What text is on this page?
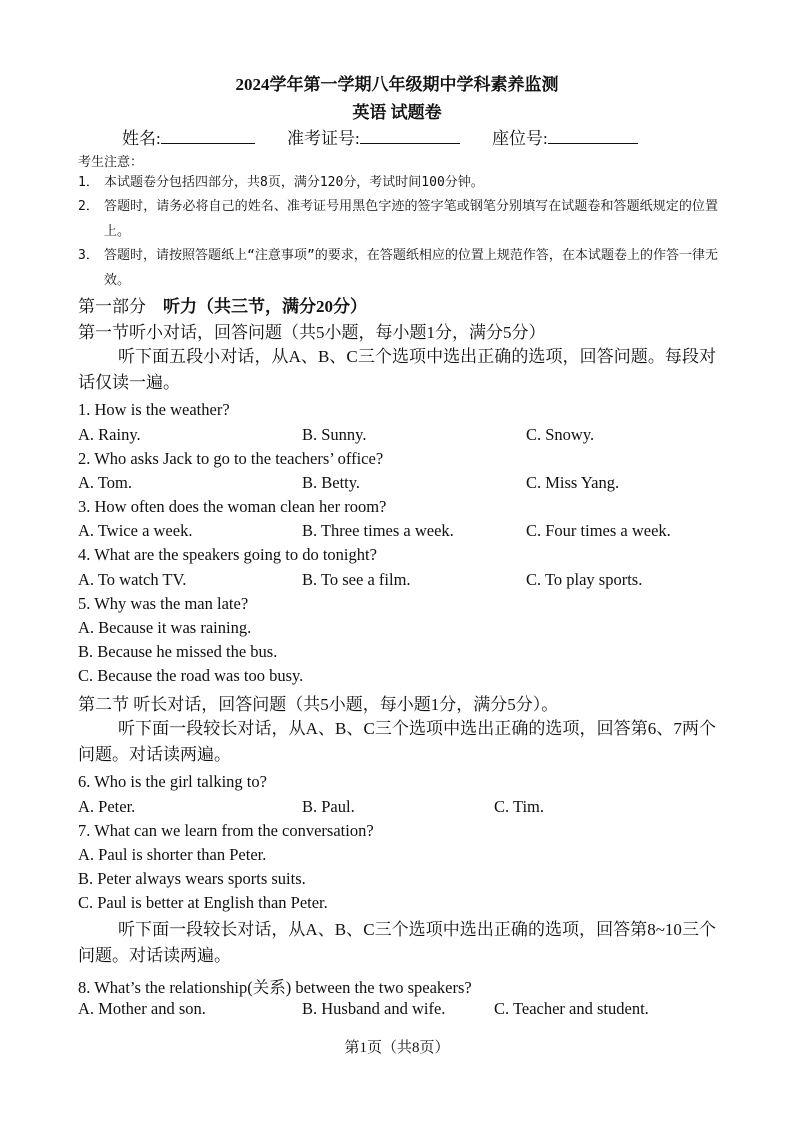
2024学年第一学期八年级期中学科素养监测
英语 试题卷
姓名:	准考证号:	座位号:
考生注意：
1． 本试题卷分包括四部分，共8页，满分120分，考试时间100分钟。
2． 答题时，请务必将自己的姓名、准考证号用黑色字迹的签字笔或钢笔分别填写在试题卷和答题纸规定的位置上。
3． 答题时，请按照答题纸上“注意事项”的要求，在答题纸相应的位置上规范作答，在本试题卷上的作答一律无效。
第一部分 听力（共三节，满分20分）
第一节听小对话，回答问题（共5小题，每小题1分，满分5分）
听下面五段小对话，从A、B、C三个选项中选出正确的选项，回答问题。每段对话仅读一遍。
1. How is the weather?
A. Rainy.	B. Sunny.	C. Snowy.
2. Who asks Jack to go to the teachers’ office?
A. Tom.	B. Betty.	C. Miss Yang.
3. How often does the woman clean her room?
A. Twice a week.	B. Three times a week.	C. Four times a week.
4. What are the speakers going to do tonight?
A. To watch TV.	B. To see a film.	C. To play sports.
5. Why was the man late?
A. Because it was raining.
B. Because he missed the bus.
C. Because the road was too busy.
第二节 听长对话，回答问题（共5小题，每小题1分，满分5分）。
听下面一段较长对话，从A、B、C三个选项中选出正确的选项，回答第6、7两个问题。对话读两遍。
6. Who is the girl talking to?
A. Peter.	B. Paul.	C. Tim.
7. What can we learn from the conversation?
A. Paul is shorter than Peter.
B. Peter always wears sports suits.
C. Paul is better at English than Peter.
听下面一段较长对话，从A、B、C三个选项中选出正确的选项，回答第8~10三个问题。对话读两遍。
8. What’s the relationship(关系) between the two speakers?
A. Mother and son.	B. Husband and wife.	C. Teacher and student.
第1页（共8页）
